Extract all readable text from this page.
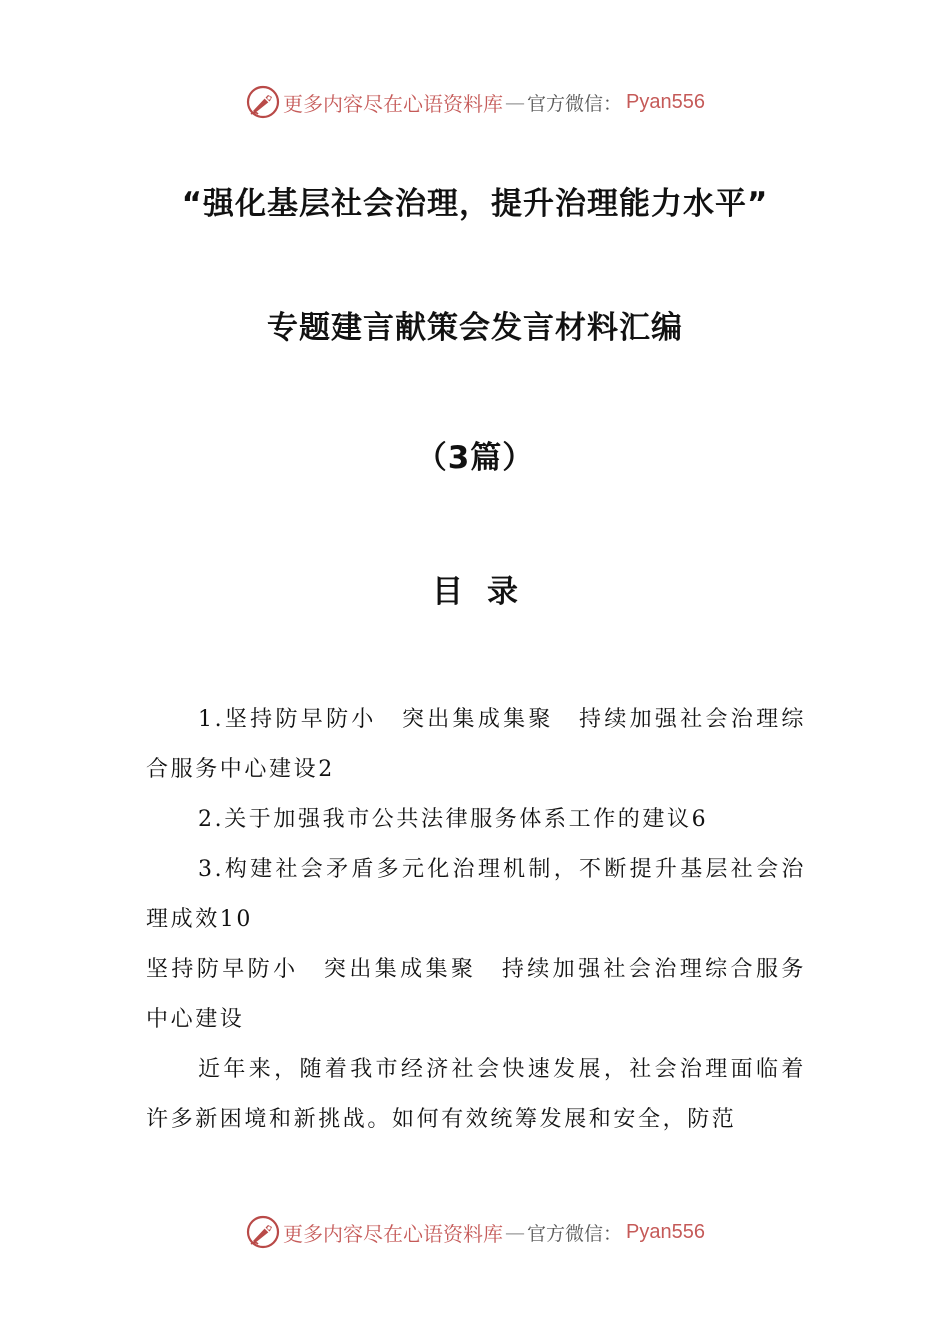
更多内容尽在心语资料库 — 官方微信： Pyan556
“强化基层社会治理，提升治理能力水平”
专题建言献策会发言材料汇编
（3篇）
目 录

1.坚持防早防小　突出集成集聚　持续加强社会治理综合服务中心建设2

2.关于加强我市公共法律服务体系工作的建议6

3.构建社会矛盾多元化治理机制，不断提升基层社会治理成效10

坚持防早防小　突出集成集聚　持续加强社会治理综合服务中心建设

近年来，随着我市经济社会快速发展，社会治理面临着许多新困境和新挑战。如何有效统筹发展和安全，防范

更多内容尽在心语资料库 — 官方微信： Pyan556
